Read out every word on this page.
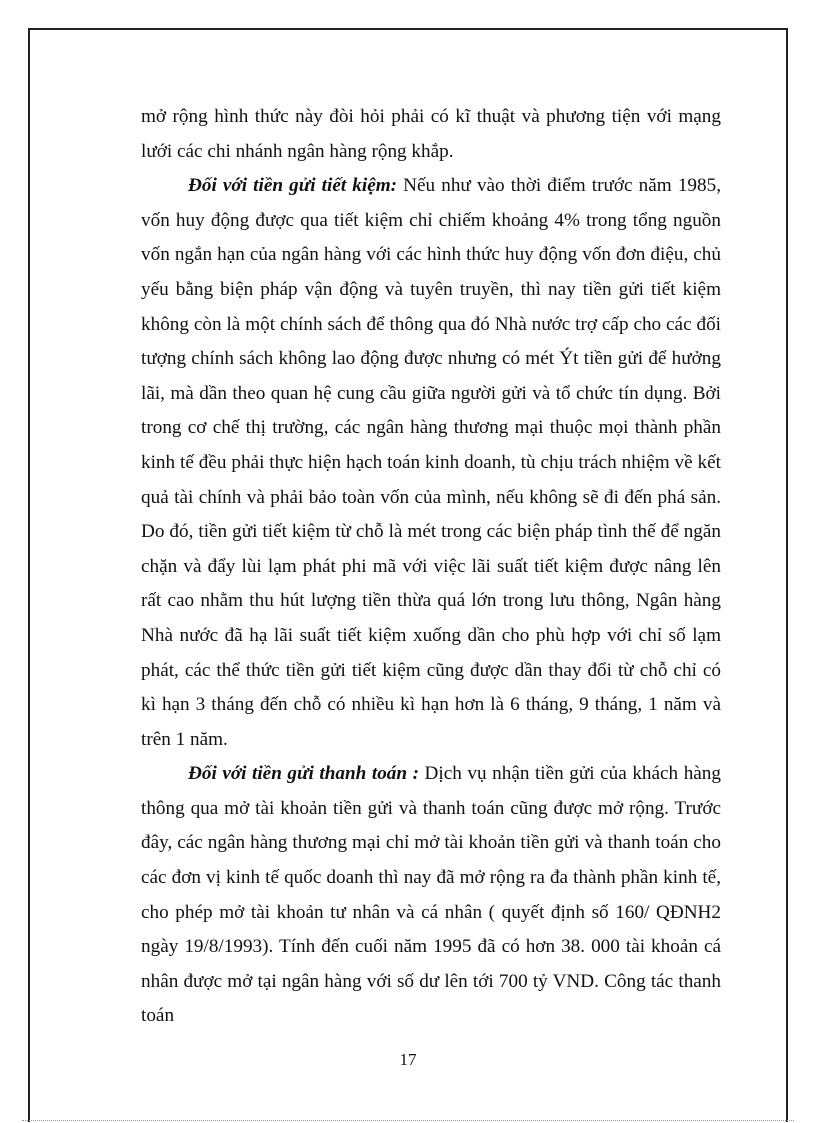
mở rộng hình thức này đòi hỏi phải có kĩ thuật và phương tiện với mạng lưới các chi nhánh ngân hàng rộng khắp.

Đối với tiền gửi tiết kiệm: Nếu như vào thời điểm trước năm 1985, vốn huy động được qua tiết kiệm chỉ chiếm khoảng 4% trong tổng nguồn vốn ngắn hạn của ngân hàng với các hình thức huy động vốn đơn điệu, chủ yếu bằng biện pháp vận động và tuyên truyền, thì nay tiền gửi tiết kiệm không còn là một chính sách để thông qua đó Nhà nước trợ cấp cho các đối tượng chính sách không lao động được nhưng có mét Ýt tiền gửi để hưởng lãi, mà dần theo quan hệ cung cầu giữa người gửi và tổ chức tín dụng. Bởi trong cơ chế thị trường, các ngân hàng thương mại thuộc mọi thành phần kinh tế đều phải thực hiện hạch toán kinh doanh, tù chịu trách nhiệm về kết quả tài chính và phải bảo toàn vốn của mình, nếu không sẽ đi đến phá sản. Do đó, tiền gửi tiết kiệm từ chỗ là mét trong các biện pháp tình thế để ngăn chặn và đẩy lùi lạm phát phi mã với việc lãi suất tiết kiệm được nâng lên rất cao nhằm thu hút lượng tiền thừa quá lớn trong lưu thông, Ngân hàng Nhà nước đã hạ lãi suất tiết kiệm xuống dần cho phù hợp với chỉ số lạm phát, các thể thức tiền gửi tiết kiệm cũng được dần thay đổi từ chỗ chỉ có kì hạn 3 tháng đến chỗ có nhiều kì hạn hơn là 6 tháng, 9 tháng, 1 năm và trên 1 năm.

Đối với tiền gửi thanh toán : Dịch vụ nhận tiền gửi của khách hàng thông qua mở tài khoản tiền gửi và thanh toán cũng được mở rộng. Trước đây, các ngân hàng thương mại chỉ mở tài khoản tiền gửi và thanh toán cho các đơn vị kinh tế quốc doanh thì nay đã mở rộng ra đa thành phần kinh tế, cho phép mở tài khoản tư nhân và cá nhân ( quyết định số 160/ QĐNH2 ngày 19/8/1993). Tính đến cuối năm 1995 đã có hơn 38. 000 tài khoản cá nhân được mở tại ngân hàng với số dư lên tới 700 tỷ VND. Công tác thanh toán

17
